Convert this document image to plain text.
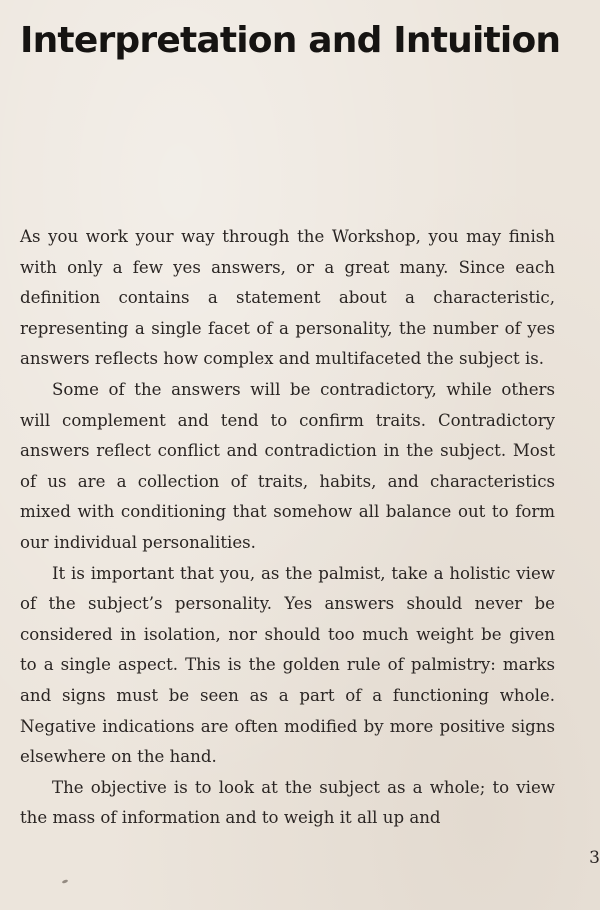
Interpretation and Intuition

As you work your way through the Workshop, you may finish with only a few yes answers, or a great many. Since each definition contains a statement about a characteristic, representing a single facet of a personality, the number of yes answers reflects how complex and multifaceted the subject is.

Some of the answers will be contradictory, while others will complement and tend to confirm traits. Contradictory answers reflect conflict and contradiction in the subject. Most of us are a collection of traits, habits, and characteristics mixed with conditioning that somehow all balance out to form our individual personalities.

It is important that you, as the palmist, take a holistic view of the subject’s personality. Yes answers should never be considered in isolation, nor should too much weight be given to a single aspect. This is the golden rule of palmistry: marks and signs must be seen as a part of a functioning whole. Negative indications are often modified by more positive signs elsewhere on the hand.

The objective is to look at the subject as a whole; to view the mass of information and to weigh it all up and

3
